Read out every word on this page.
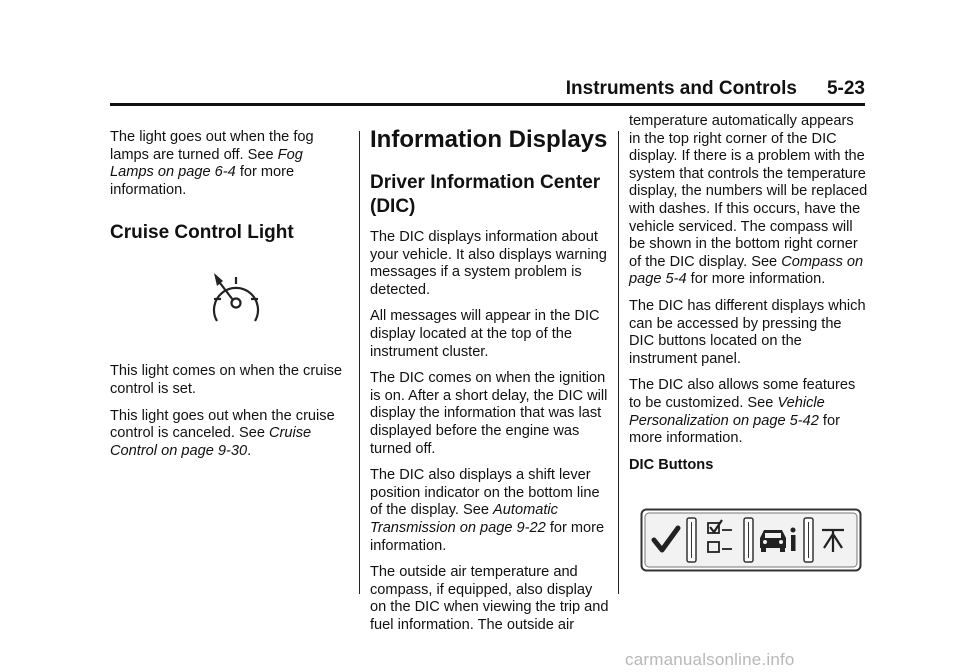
Instruments and Controls 5-23

The light goes out when the fog lamps are turned off. See Fog Lamps on page 6-4 for more information.

Cruise Control Light

This light comes on when the cruise control is set.

This light goes out when the cruise control is canceled. See Cruise Control on page 9-30.

Information Displays
Driver Information Center (DIC)

The DIC displays information about your vehicle. It also displays warning messages if a system problem is detected.

All messages will appear in the DIC display located at the top of the instrument cluster.

The DIC comes on when the ignition is on. After a short delay, the DIC will display the information that was last displayed before the engine was turned off.

The DIC also displays a shift lever position indicator on the bottom line of the display. See Automatic Transmission on page 9-22 for more information.

The outside air temperature and compass, if equipped, also display on the DIC when viewing the trip and fuel information. The outside air

temperature automatically appears in the top right corner of the DIC display. If there is a problem with the system that controls the temperature display, the numbers will be replaced with dashes. If this occurs, have the vehicle serviced. The compass will be shown in the bottom right corner of the DIC display. See Compass on page 5-4 for more information.

The DIC has different displays which can be accessed by pressing the DIC buttons located on the instrument panel.

The DIC also allows some features to be customized. See Vehicle Personalization on page 5-42 for more information.

DIC Buttons
carmanualsonline.info
